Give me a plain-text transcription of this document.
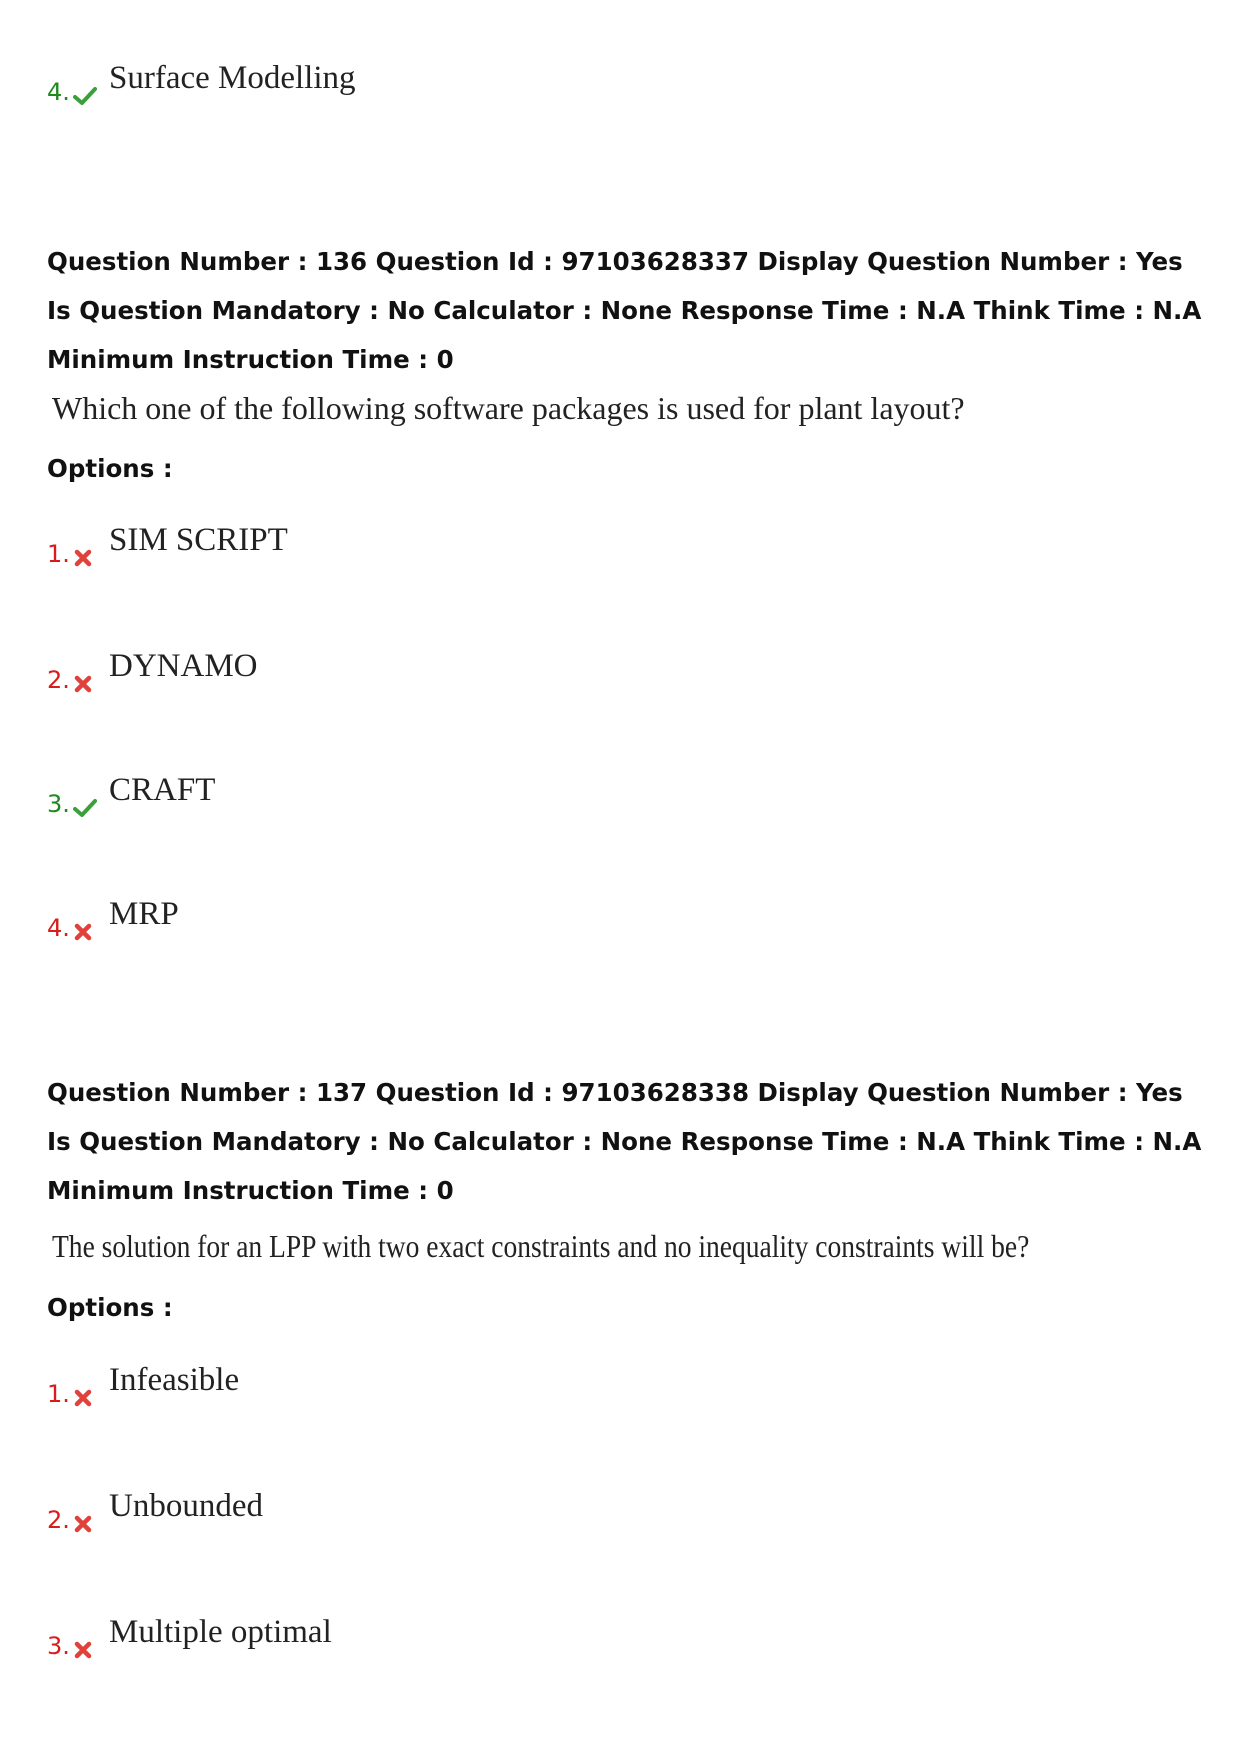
4. Surface Modelling

Question Number : 136 Question Id : 97103628337 Display Question Number : Yes Is Question Mandatory : No Calculator : None Response Time : N.A Think Time : N.A Minimum Instruction Time : 0

Which one of the following software packages is used for plant layout?
Options :
1. SIM SCRIPT
2. DYNAMO
3. CRAFT
4. MRP

Question Number : 137 Question Id : 97103628338 Display Question Number : Yes Is Question Mandatory : No Calculator : None Response Time : N.A Think Time : N.A Minimum Instruction Time : 0

The solution for an LPP with two exact constraints and no inequality constraints will be?
Options :
1. Infeasible
2. Unbounded
3. Multiple optimal
